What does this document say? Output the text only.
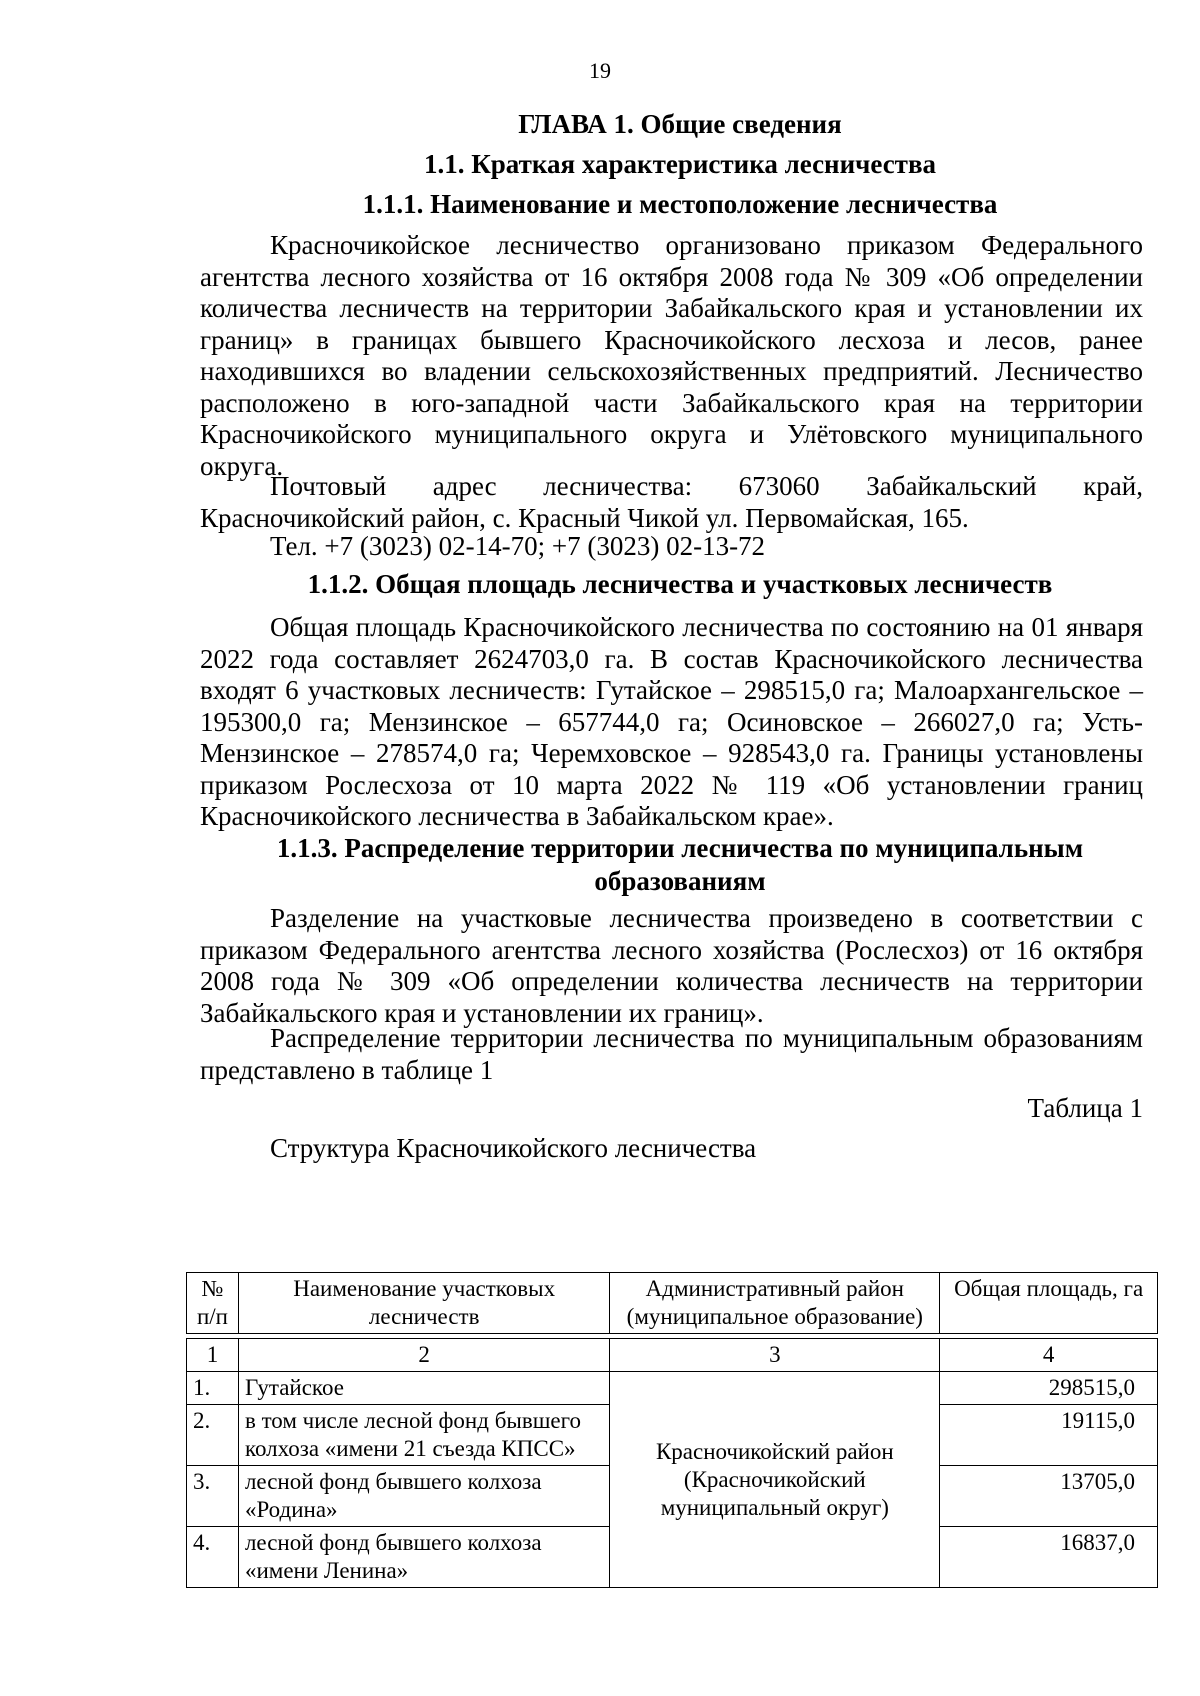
19
ГЛАВА 1. Общие сведения
1.1. Краткая характеристика лесничества
1.1.1. Наименование и местоположение лесничества
Красночикойское лесничество организовано приказом Федерального агентства лесного хозяйства от 16 октября 2008 года № 309 «Об определении количества лесничеств на территории Забайкальского края и установлении их границ» в границах бывшего Красночикойского лесхоза и лесов, ранее находившихся во владении сельскохозяйственных предприятий. Лесничество расположено в юго-западной части Забайкальского края на территории Красночикойского муниципального округа и Улётовского муниципального округа.
Почтовый адрес лесничества: 673060 Забайкальский край, Красночикойский район, с. Красный Чикой ул. Первомайская, 165.
Тел. +7 (3023) 02-14-70; +7 (3023) 02-13-72
1.1.2. Общая площадь лесничества и участковых лесничеств
Общая площадь Красночикойского лесничества по состоянию на 01 января 2022 года составляет 2624703,0 га. В состав Красночикойского лесничества входят 6 участковых лесничеств: Гутайское – 298515,0 га; Малоархангельское – 195300,0 га; Мензинское – 657744,0 га; Осиновское – 266027,0 га; Усть-Мензинское – 278574,0 га; Черемховское – 928543,0 га. Границы установлены приказом Рослесхоза от 10 марта 2022 № 119 «Об установлении границ Красночикойского лесничества в Забайкальском крае».
1.1.3. Распределение территории лесничества по муниципальным
образованиям
Разделение на участковые лесничества произведено в соответствии с приказом Федерального агентства лесного хозяйства (Рослесхоз) от 16 октября 2008 года № 309 «Об определении количества лесничеств на территории Забайкальского края и установлении их границ».
Распределение территории лесничества по муниципальным образованиям представлено в таблице 1
Таблица 1
Структура Красночикойского лесничества
№ п/п	Наименование участковых лесничеств	Административный район (муниципальное образование)	Общая площадь, га

1	2	3	4
1.	Гутайское	Красночикойский район (Красночикойский муниципальный округ)	298515,0
2.	в том числе лесной фонд бывшего колхоза «имени 21 съезда КПСС»		19115,0
3.	лесной фонд бывшего колхоза «Родина»		13705,0
4.	лесной фонд бывшего колхоза «имени Ленина»		16837,0
